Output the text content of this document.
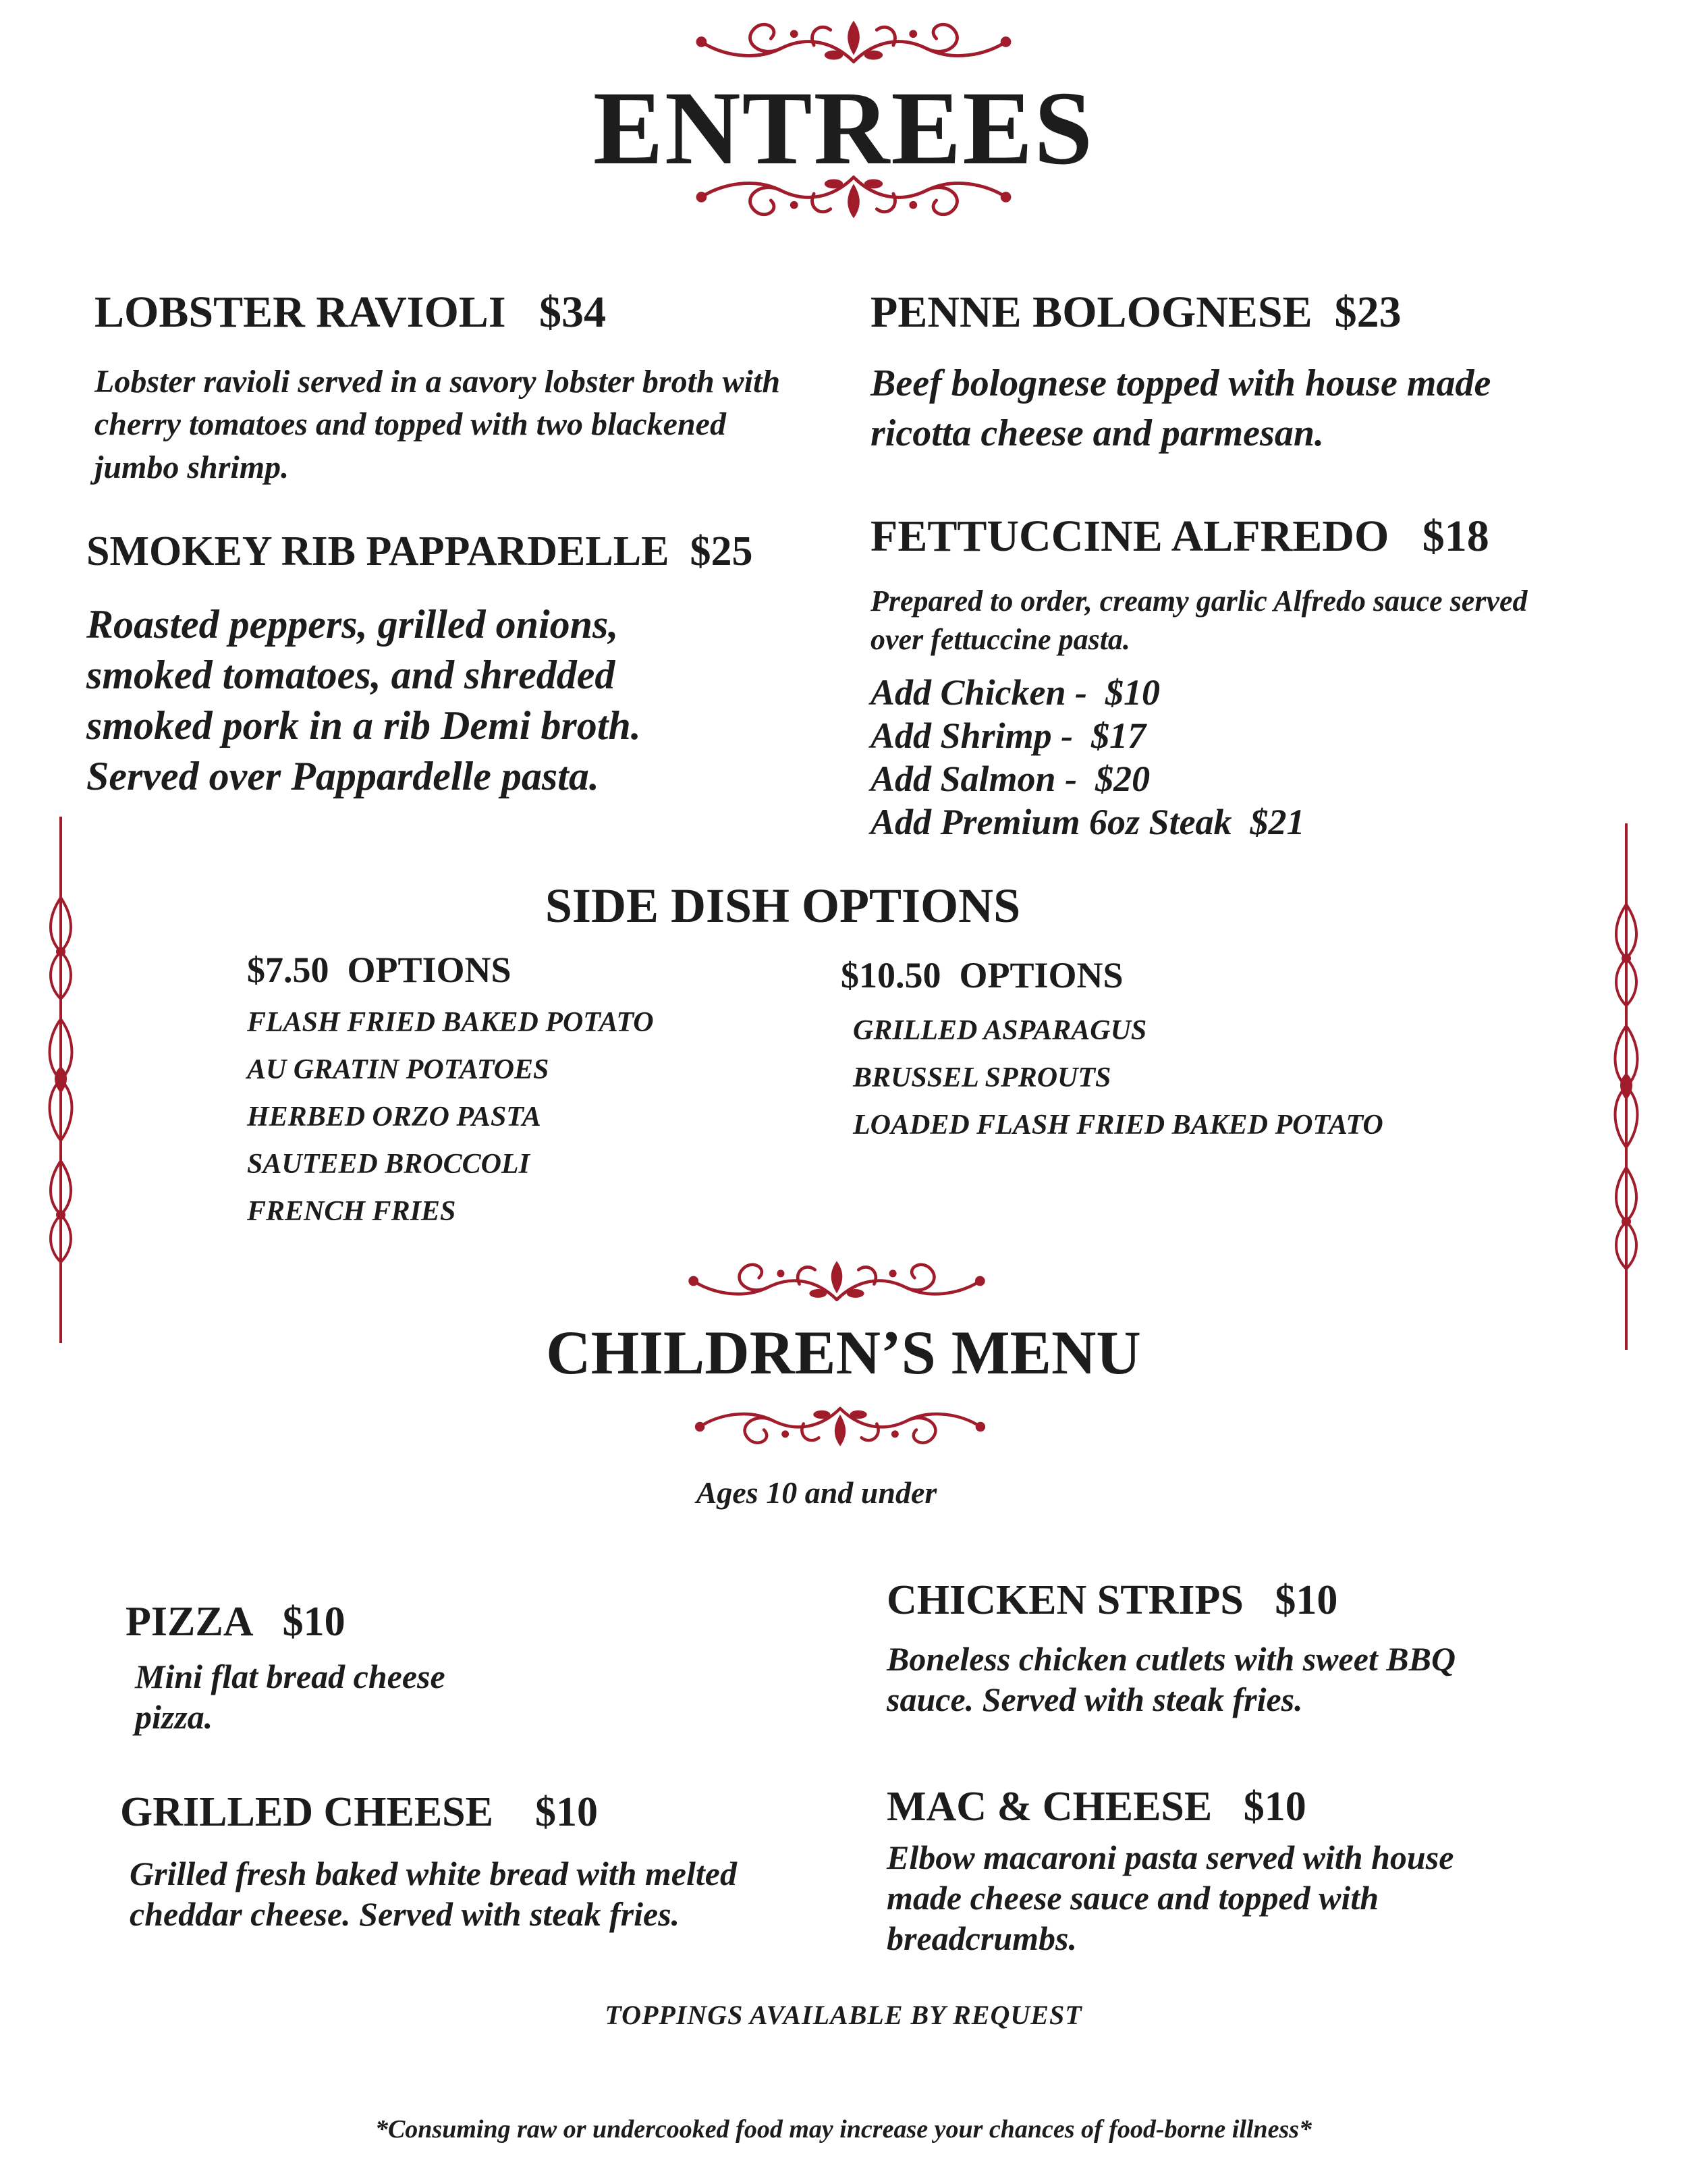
ENTREES
LOBSTER RAVIOLI $34
Lobster ravioli served in a savory lobster broth with cherry tomatoes and topped with two blackened jumbo shrimp.
PENNE BOLOGNESE $23
Beef bolognese topped with house made ricotta cheese and parmesan.
SMOKEY RIB PAPPARDELLE $25
Roasted peppers, grilled onions, smoked tomatoes, and shredded smoked pork in a rib Demi broth. Served over Pappardelle pasta.
FETTUCCINE ALFREDO $18
Prepared to order, creamy garlic Alfredo sauce served over fettuccine pasta.
Add Chicken - $10
Add Shrimp - $17
Add Salmon - $20
Add Premium 6oz Steak $21
SIDE DISH OPTIONS
$7.50  OPTIONS
FLASH FRIED BAKED POTATO
AU GRATIN POTATOES
HERBED ORZO PASTA
SAUTEED BROCCOLI
FRENCH FRIES
$10.50  OPTIONS
GRILLED ASPARAGUS
BRUSSEL SPROUTS
LOADED FLASH FRIED BAKED POTATO
CHILDREN’S MENU
Ages 10 and under
PIZZA $10
Mini flat bread cheese pizza.
CHICKEN STRIPS $10
Boneless chicken cutlets with sweet BBQ sauce. Served with steak fries.
GRILLED CHEESE $10
Grilled fresh baked white bread with melted cheddar cheese. Served with steak fries.
MAC & CHEESE $10
Elbow macaroni pasta served with house made cheese sauce and topped with breadcrumbs.
TOPPINGS AVAILABLE BY REQUEST
*Consuming raw or undercooked food may increase your chances of food-borne illness*
